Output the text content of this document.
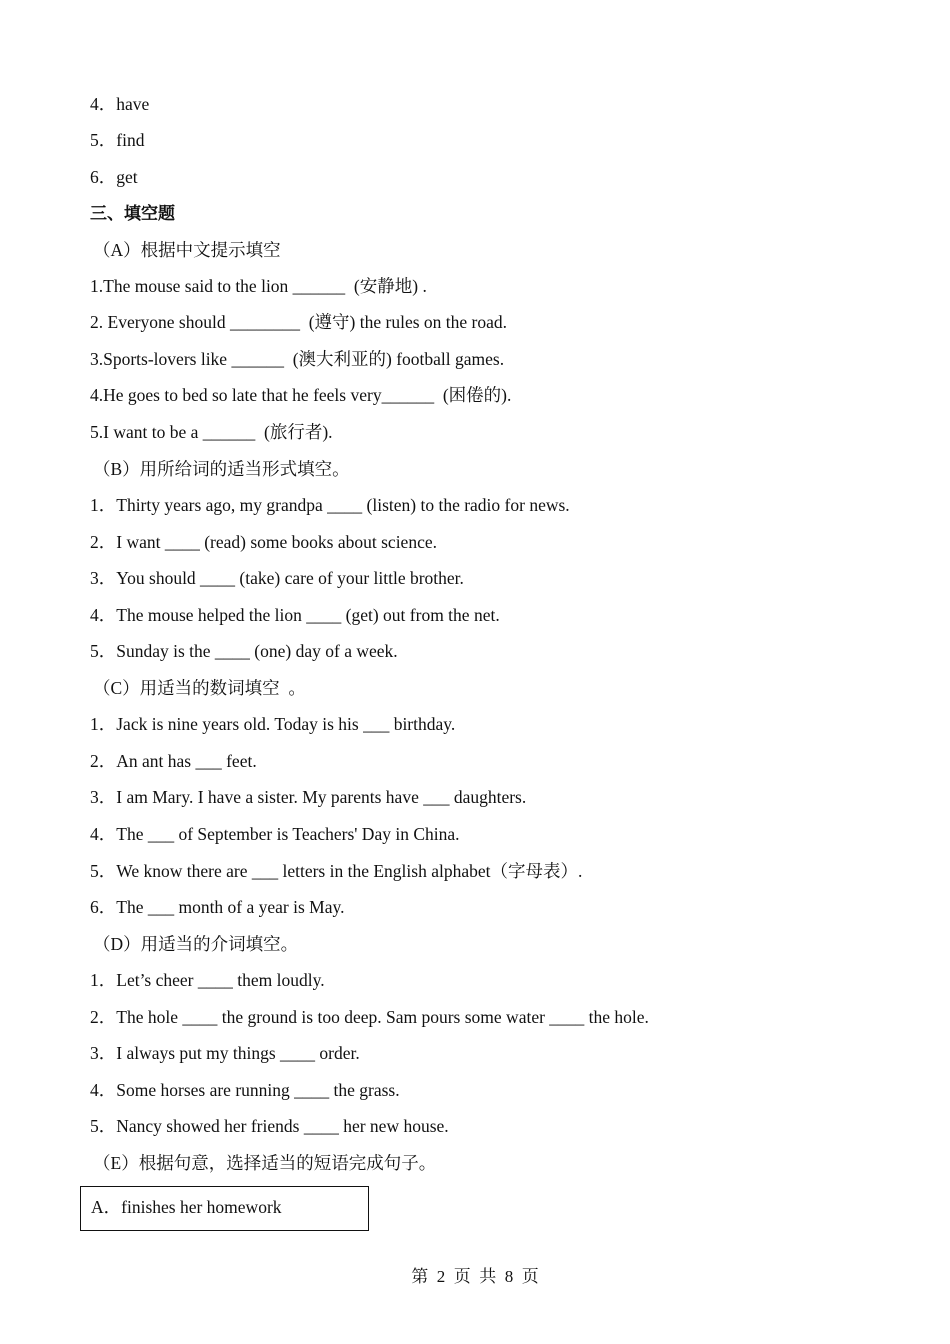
4．have
5．find
6．get
三、填空题
（A）根据中文提示填空
1.The mouse said to the lion ______  (安静地) .
2. Everyone should ________  (遵守) the rules on the road.
3.Sports-lovers like ______  (澳大利亚的) football games.
4.He goes to bed so late that he feels very______  (困倦的).
5.I want to be a ______  (旅行者).
（B）用所给词的适当形式填空。
1．Thirty years ago, my grandpa ____ (listen) to the radio for news.
2．I want ____ (read) some books about science.
3．You should ____ (take) care of your little brother.
4．The mouse helped the lion ____ (get) out from the net.
5．Sunday is the ____ (one) day of a week.
（C）用适当的数词填空  。
1．Jack is nine years old. Today is his ___ birthday.
2．An ant has ___ feet.
3．I am Mary. I have a sister. My parents have ___ daughters.
4．The ___ of September is Teachers' Day in China.
5．We know there are ___ letters in the English alphabet（字母表）.
6．The ___ month of a year is May.
（D）用适当的介词填空。
1．Let’s cheer ____ them loudly.
2．The hole ____ the ground is too deep. Sam pours some water ____ the hole.
3．I always put my things ____ order.
4．Some horses are running ____ the grass.
5．Nancy showed her friends ____ her new house.
（E）根据句意，选择适当的短语完成句子。
A．finishes her homework
第  2  页  共  8  页
